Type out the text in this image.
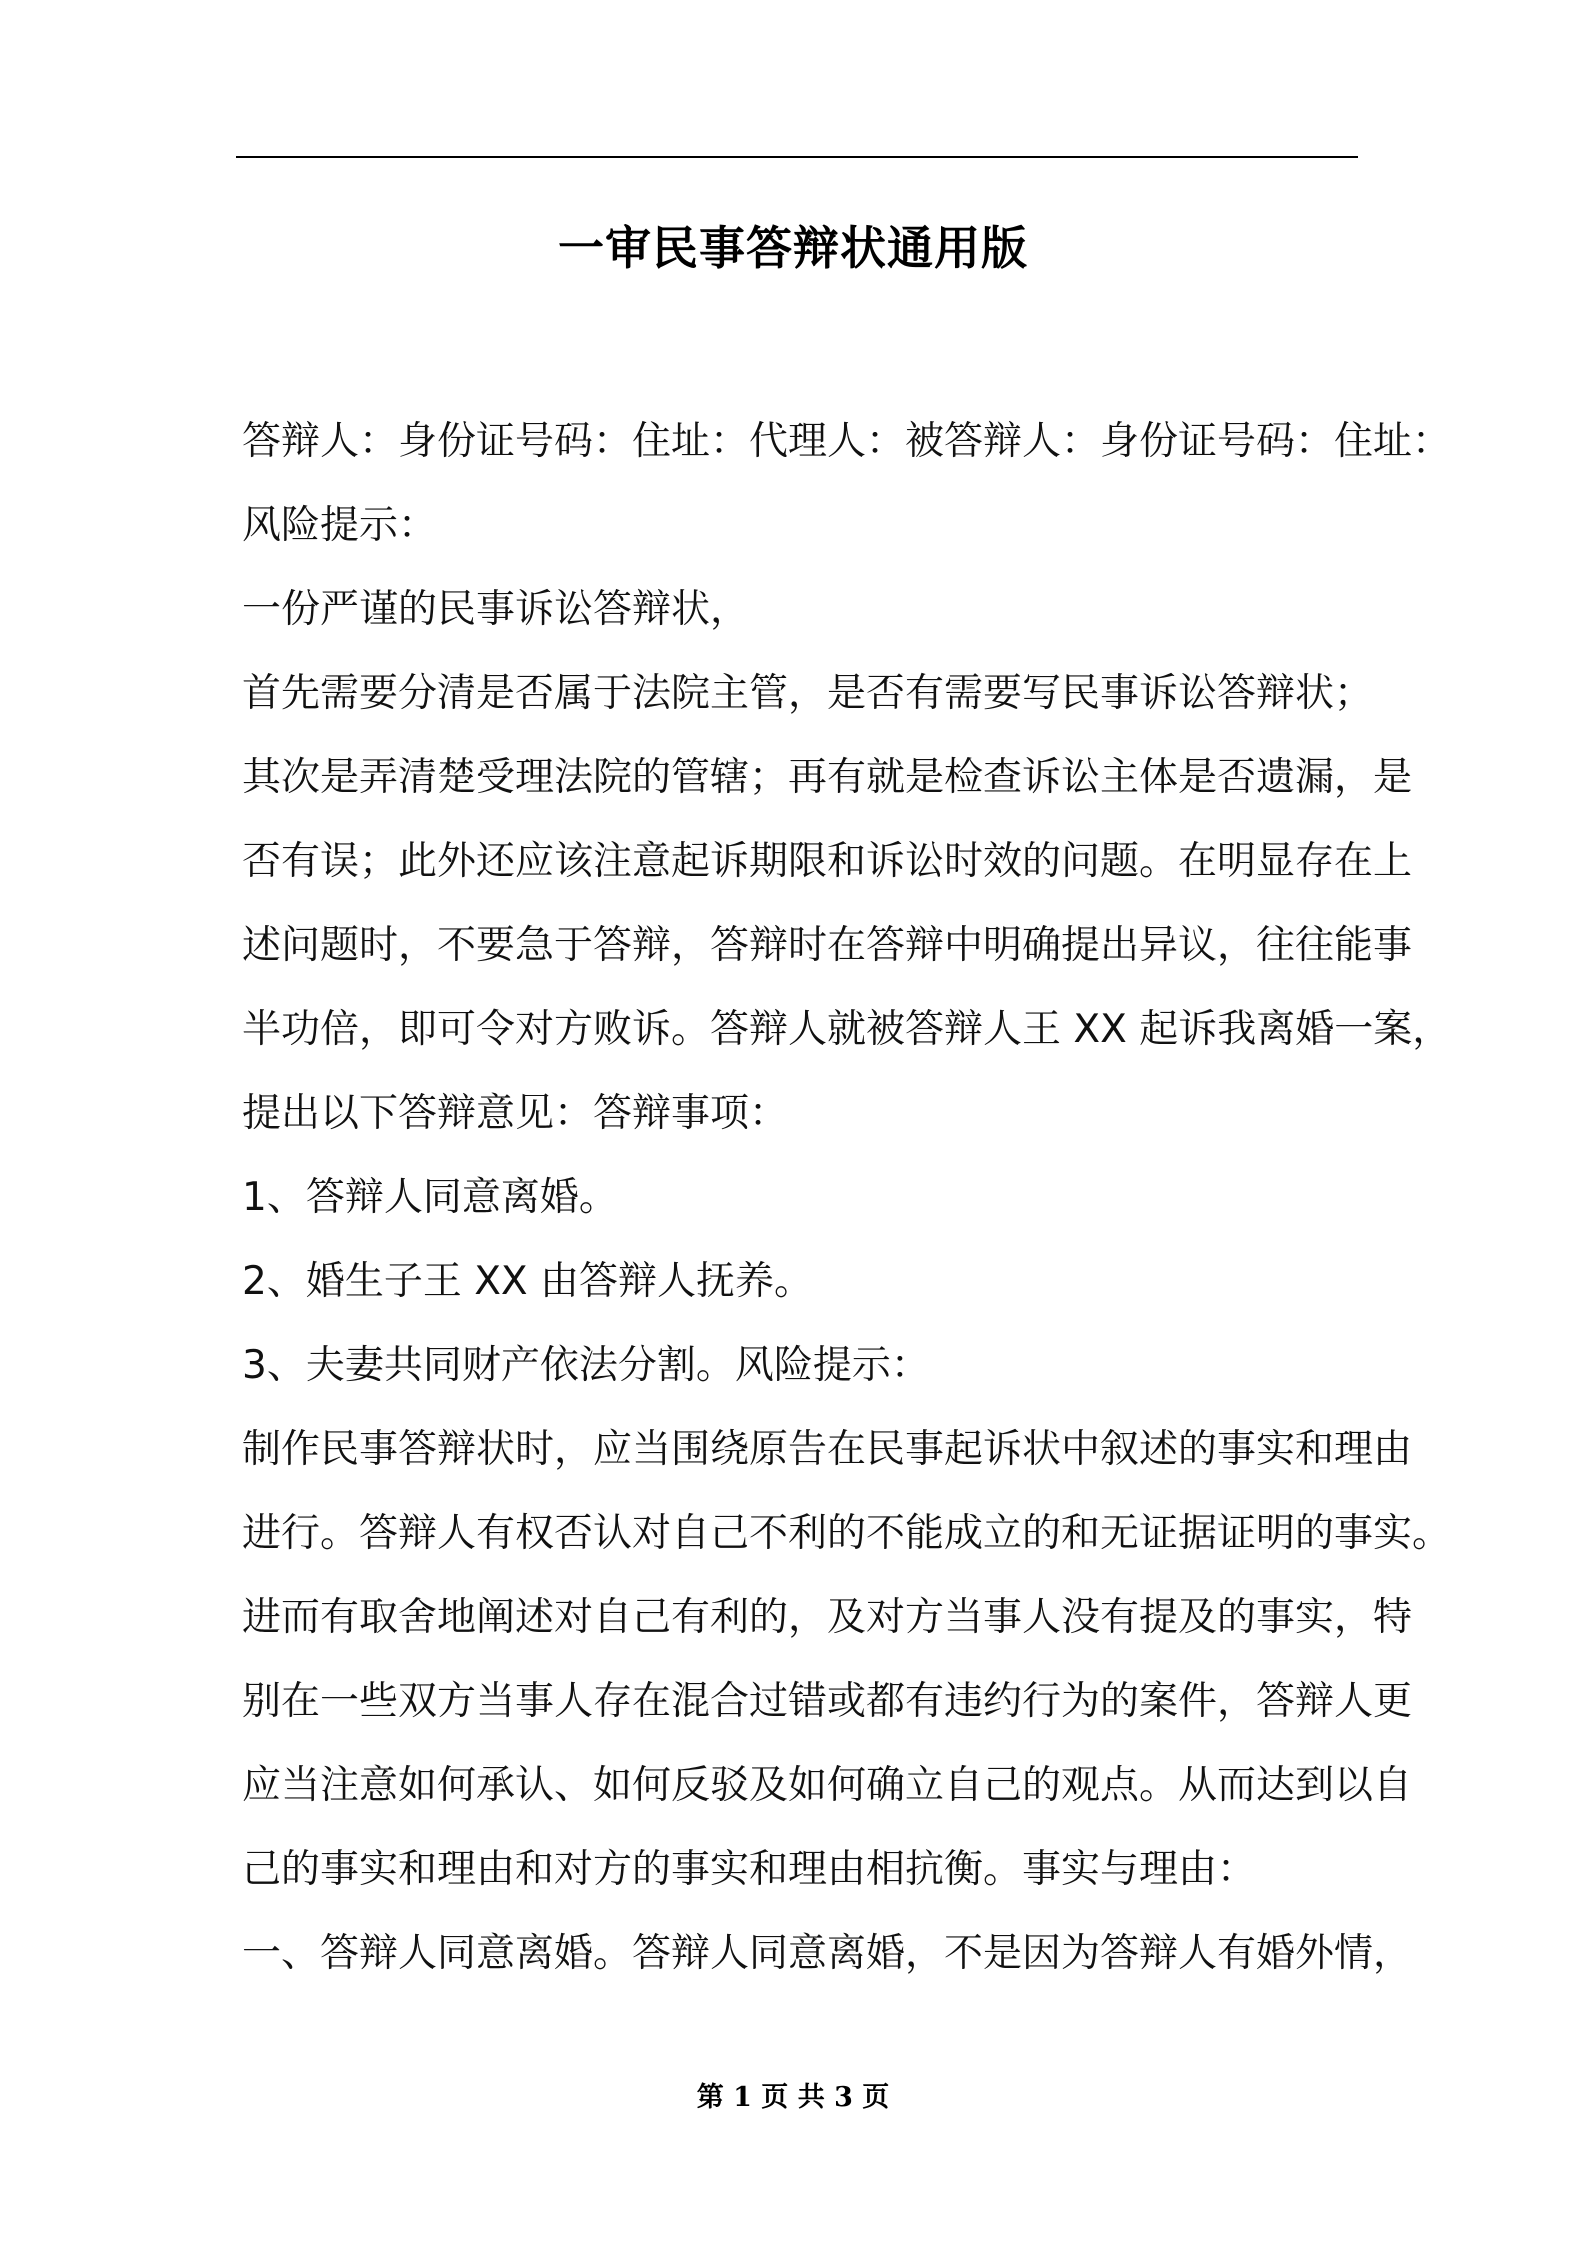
一审民事答辩状通用版
答辩人：身份证号码：住址：代理人：被答辩人：身份证号码：住址：
风险提示：
一份严谨的民事诉讼答辩状，
首先需要分清是否属于法院主管，是否有需要写民事诉讼答辩状；
其次是弄清楚受理法院的管辖；再有就是检查诉讼主体是否遗漏，是
否有误；此外还应该注意起诉期限和诉讼时效的问题。在明显存在上
述问题时，不要急于答辩，答辩时在答辩中明确提出异议，往往能事
半功倍，即可令对方败诉。答辩人就被答辩人王 XX 起诉我离婚一案，
提出以下答辩意见：答辩事项：
1、答辩人同意离婚。
2、婚生子王 XX 由答辩人抚养。
3、夫妻共同财产依法分割。风险提示：
制作民事答辩状时，应当围绕原告在民事起诉状中叙述的事实和理由
进行。答辩人有权否认对自己不利的不能成立的和无证据证明的事实。
进而有取舍地阐述对自己有利的，及对方当事人没有提及的事实，特
别在一些双方当事人存在混合过错或都有违约行为的案件，答辩人更
应当注意如何承认、如何反驳及如何确立自己的观点。从而达到以自
己的事实和理由和对方的事实和理由相抗衡。事实与理由：
一、答辩人同意离婚。答辩人同意离婚，不是因为答辩人有婚外情，
第 1 页 共 3 页
